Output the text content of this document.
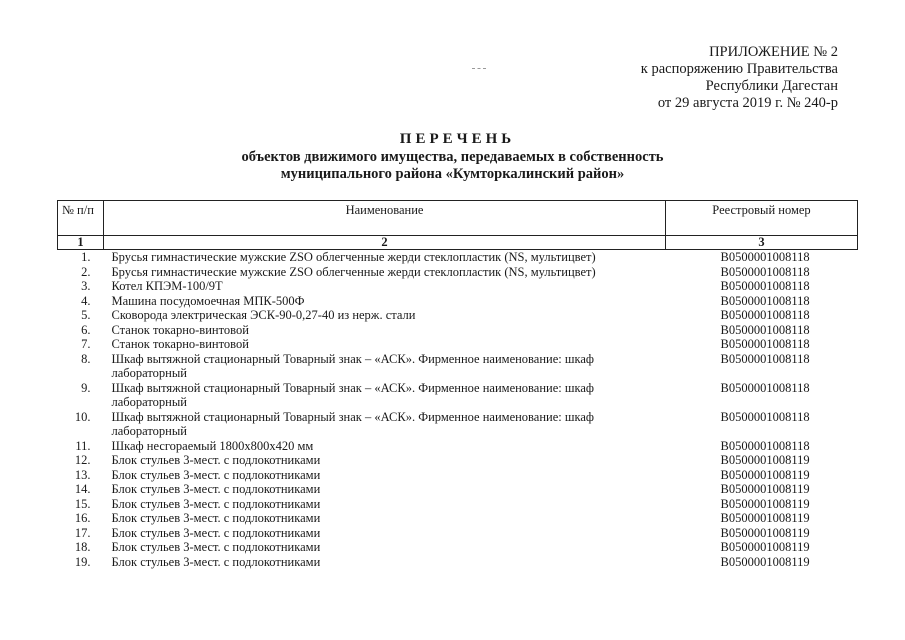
ПРИЛОЖЕНИЕ № 2
к распоряжению Правительства
Республики Дагестан
от 29 августа 2019 г. № 240-р
ПЕРЕЧЕНЬ
объектов движимого имущества, передаваемых в собственность
муниципального района «Кумторкалинский район»
№ п/п	Наименование	Реестровый номер
1	2	3
1.	Брусья гимнастические мужские ZSO облегченные жерди стеклопластик (NS, мультицвет)	B0500001008118
2.	Брусья гимнастические мужские ZSO облегченные жерди стеклопластик (NS, мультицвет)	B0500001008118
3.	Котел КПЭМ-100/9Т	B0500001008118
4.	Машина посудомоечная МПК-500Ф	B0500001008118
5.	Сковорода электрическая ЭСК-90-0,27-40 из нерж. стали	B0500001008118
6.	Станок токарно-винтовой	B0500001008118
7.	Станок токарно-винтовой	B0500001008118
8.	Шкаф вытяжной стационарный Товарный знак – «АСК». Фирменное наименование: шкаф
лабораторный	B0500001008118
9.	Шкаф вытяжной стационарный Товарный знак – «АСК». Фирменное наименование: шкаф
лабораторный	B0500001008118
10.	Шкаф вытяжной стационарный Товарный знак – «АСК». Фирменное наименование: шкаф
лабораторный	B0500001008118
11.	Шкаф несгораемый 1800х800х420 мм	B0500001008118
12.	Блок стульев 3-мест. с подлокотниками	B0500001008119
13.	Блок стульев 3-мест. с подлокотниками	B0500001008119
14.	Блок стульев 3-мест. с подлокотниками	B0500001008119
15.	Блок стульев 3-мест. с подлокотниками	B0500001008119
16.	Блок стульев 3-мест. с подлокотниками	B0500001008119
17.	Блок стульев 3-мест. с подлокотниками	B0500001008119
18.	Блок стульев 3-мест. с подлокотниками	B0500001008119
19.	Блок стульев 3-мест. с подлокотниками	B0500001008119
